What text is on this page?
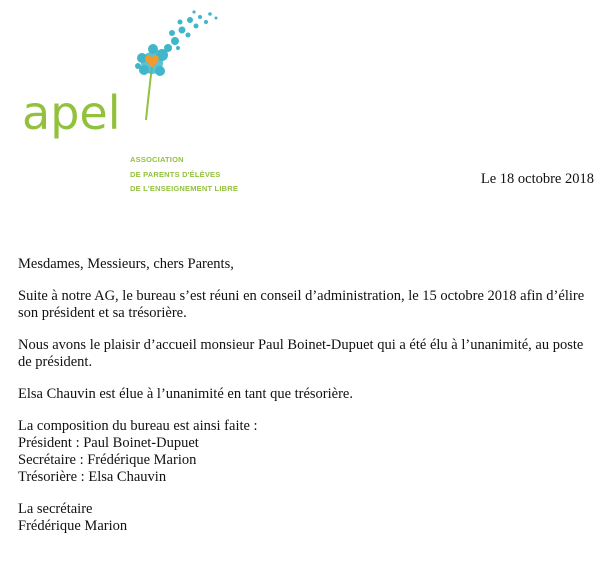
apel
ASSOCIATION
DE PARENTS D'ÉLÈVES
DE L'ENSEIGNEMENT LIBRE
Le 18 octobre 2018

Mesdames, Messieurs, chers Parents,

Suite à notre AG, le bureau s’est réuni en conseil d’administration, le 15 octobre 2018 afin d’élire son président et sa trésorière.

Nous avons le plaisir d’accueil monsieur Paul Boinet-Dupuet qui a été élu à l’unanimité, au poste de président.

Elsa Chauvin est élue à l’unanimité en tant que trésorière.

La composition du bureau est ainsi faite :
Président : Paul Boinet-Dupuet
Secrétaire : Frédérique Marion
Trésorière : Elsa Chauvin

La secrétaire
Frédérique Marion
